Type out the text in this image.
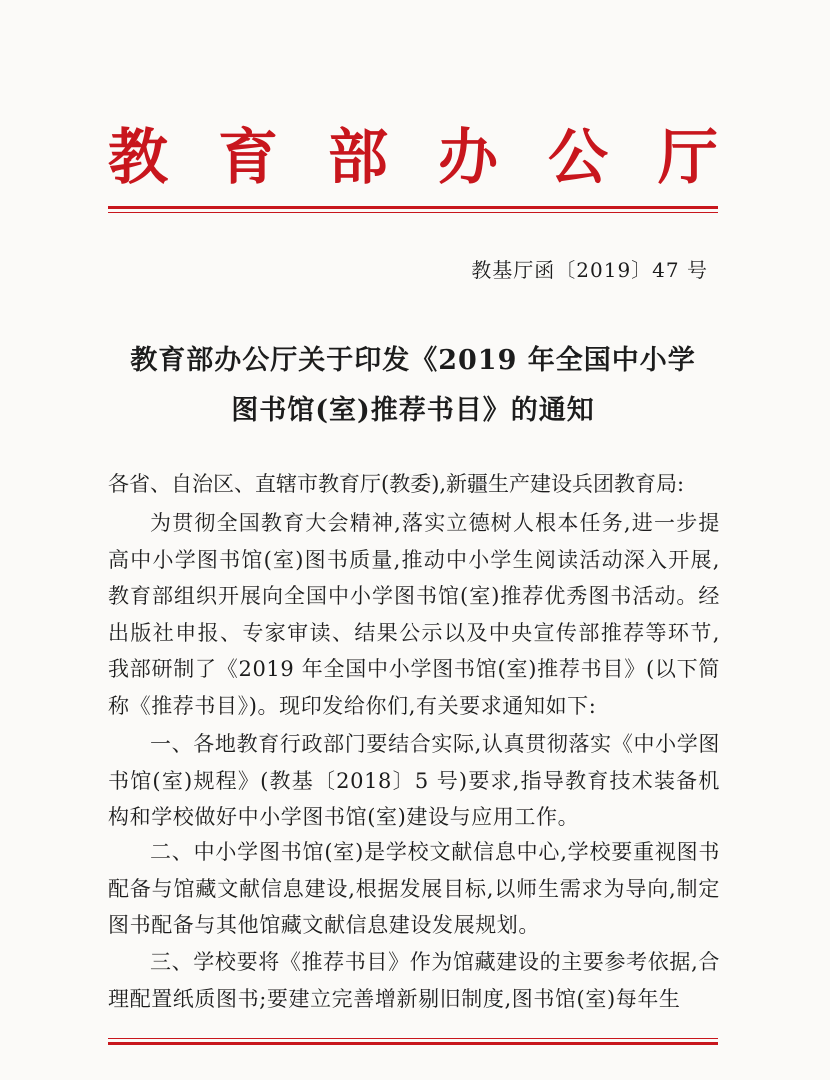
教 育 部 办 公 厅
教基厅函〔2019〕47 号
教育部办公厅关于印发《2019 年全国中小学
图书馆(室)推荐书目》的通知
各省、自治区、直辖市教育厅(教委),新疆生产建设兵团教育局:

为贯彻全国教育大会精神,落实立德树人根本任务,进一步提高中小学图书馆(室)图书质量,推动中小学生阅读活动深入开展,教育部组织开展向全国中小学图书馆(室)推荐优秀图书活动。经出版社申报、专家审读、结果公示以及中央宣传部推荐等环节,我部研制了《2019 年全国中小学图书馆(室)推荐书目》(以下简称《推荐书目》)。现印发给你们,有关要求通知如下:

一、各地教育行政部门要结合实际,认真贯彻落实《中小学图书馆(室)规程》(教基〔2018〕5 号)要求,指导教育技术装备机构和学校做好中小学图书馆(室)建设与应用工作。

二、中小学图书馆(室)是学校文献信息中心,学校要重视图书配备与馆藏文献信息建设,根据发展目标,以师生需求为导向,制定图书配备与其他馆藏文献信息建设发展规划。

三、学校要将《推荐书目》作为馆藏建设的主要参考依据,合理配置纸质图书;要建立完善增新剔旧制度,图书馆(室)每年生
